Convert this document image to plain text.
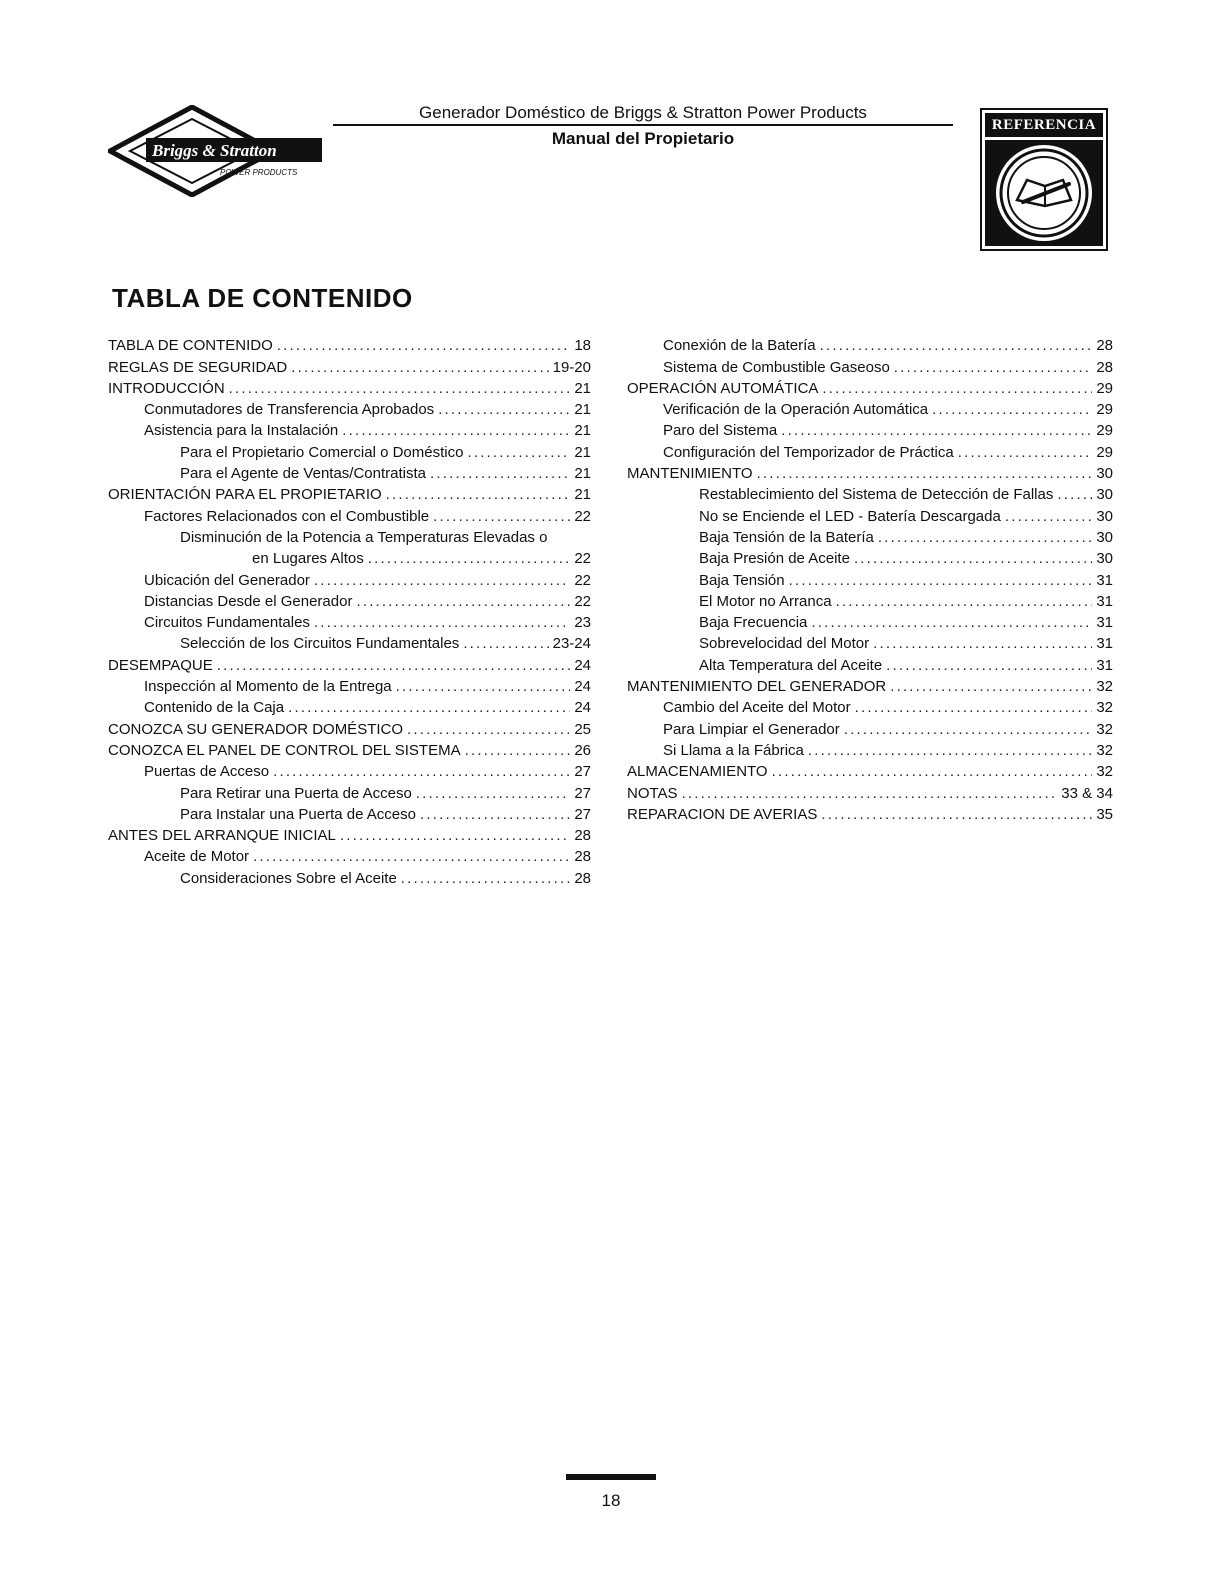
Briggs & Stratton
POWER PRODUCTS
Generador Doméstico de Briggs & Stratton Power Products
Manual del Propietario
REFERENCIA
TABLA DE CONTENIDO
TABLA DE CONTENIDO .....	18
REGLAS DE SEGURIDAD .....	19-20
INTRODUCCIÓN .....	21
Conmutadores de Transferencia Aprobados .....	21
Asistencia para la Instalación .....	21
Para el Propietario Comercial o Doméstico .....	21
Para el Agente de Ventas/Contratista .....	21
ORIENTACIÓN PARA EL PROPIETARIO .....	21
Factores Relacionados con el Combustible .....	22
Disminución de la Potencia a Temperaturas Elevadas o
en Lugares Altos .....	22
Ubicación del Generador .....	22
Distancias Desde el Generador .....	22
Circuitos Fundamentales .....	23
Selección de los Circuitos Fundamentales .....	23-24
DESEMPAQUE .....	24
Inspección al Momento de la Entrega .....	24
Contenido de la Caja .....	24
CONOZCA SU GENERADOR DOMÉSTICO .....	25
CONOZCA EL PANEL DE CONTROL DEL SISTEMA .....	26
Puertas de Acceso .....	27
Para Retirar una Puerta de Acceso .....	27
Para Instalar una Puerta de Acceso .....	27
ANTES DEL ARRANQUE INICIAL .....	28
Aceite de Motor .....	28
Consideraciones Sobre el Aceite .....	28
Conexión de la Batería .....	28
Sistema de Combustible Gaseoso .....	28
OPERACIÓN AUTOMÁTICA .....	29
Verificación de la Operación Automática .....	29
Paro del Sistema .....	29
Configuración del Temporizador de Práctica .....	29
MANTENIMIENTO .....	30
Restablecimiento del Sistema de Detección de Fallas .....	30
No se Enciende el LED - Batería Descargada .....	30
Baja Tensión de la Batería .....	30
Baja Presión de Aceite .....	30
Baja Tensión .....	31
El Motor no Arranca .....	31
Baja Frecuencia .....	31
Sobrevelocidad del Motor .....	31
Alta Temperatura del Aceite .....	31
MANTENIMIENTO DEL GENERADOR .....	32
Cambio del Aceite del Motor .....	32
Para Limpiar el Generador .....	32
Si Llama a la Fábrica .....	32
ALMACENAMIENTO .....	32
NOTAS .....	33 & 34
REPARACION DE AVERIAS .....	35
18
